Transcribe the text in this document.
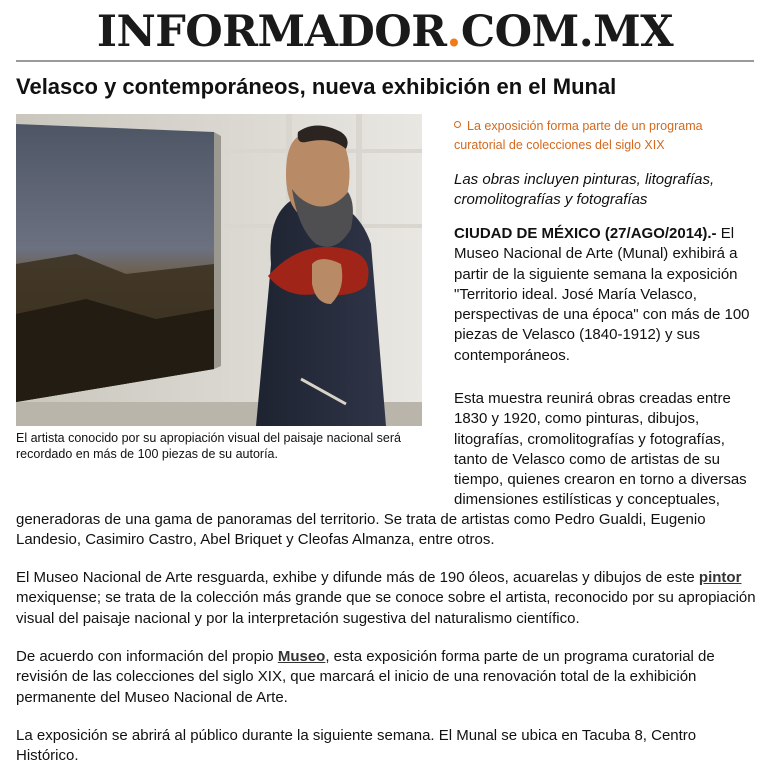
INFORMADOR.COM.MX
Velasco y contemporáneos, nueva exhibición en el Munal

El artista conocido por su apropiación visual del paisaje nacional será recordado en más de 100 piezas de su autoría.

La exposición forma parte de un programa curatorial de colecciones del siglo XIX

Las obras incluyen pinturas, litografías, cromolitografías y fotografías

CIUDAD DE MÉXICO (27/AGO/2014).- El Museo Nacional de Arte (Munal) exhibirá a partir de la siguiente semana la exposición "Territorio ideal. José María Velasco, perspectivas de una época" con más de 100 piezas de Velasco (1840-1912) y sus contemporáneos.

Esta muestra reunirá obras creadas entre 1830 y 1920, como pinturas, dibujos, litografías, cromolitografías y fotografías, tanto de Velasco como de artistas de su tiempo, quienes crearon en torno a diversas dimensiones estilísticas y conceptuales,

generadoras de una gama de panoramas del territorio. Se trata de artistas como Pedro Gualdi, Eugenio Landesio, Casimiro Castro, Abel Briquet y Cleofas Almanza, entre otros.

El Museo Nacional de Arte resguarda, exhibe y difunde más de 190 óleos, acuarelas y dibujos de este pintor mexiquense; se trata de la colección más grande que se conoce sobre el artista, reconocido por su apropiación visual del paisaje nacional y por la interpretación sugestiva del naturalismo científico.

De acuerdo con información del propio Museo, esta exposición forma parte de un programa curatorial de revisión de las colecciones del siglo XIX, que marcará el inicio de una renovación total de la exhibición permanente del Museo Nacional de Arte.

La exposición se abrirá al público durante la siguiente semana. El Munal se ubica en Tacuba 8, Centro Histórico.
